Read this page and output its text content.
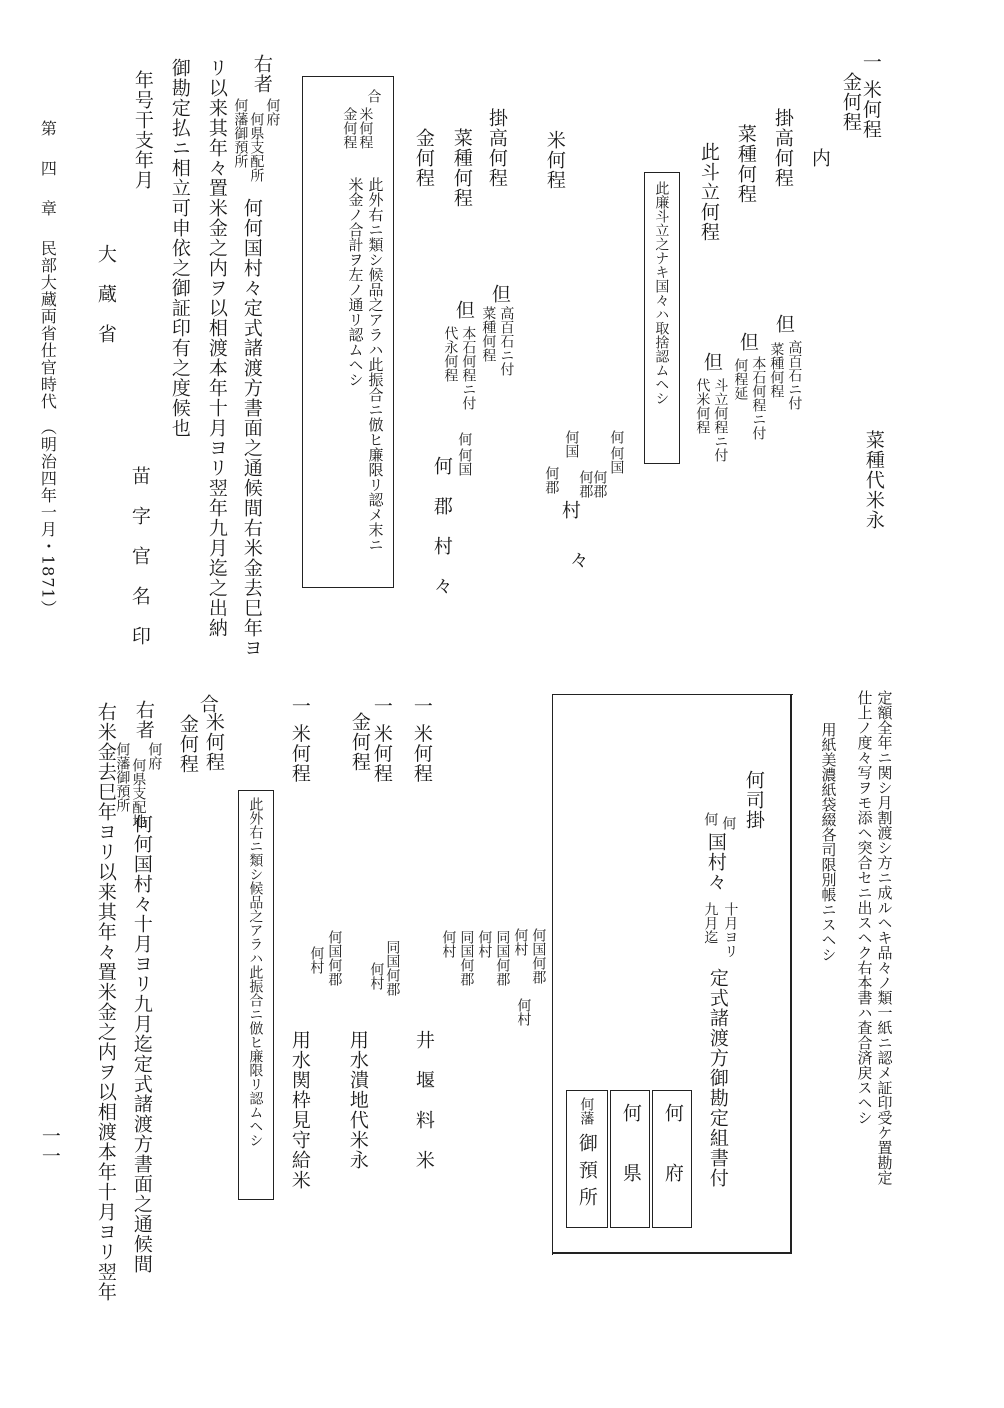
一 米何程
金何程
内
掛高何程
菜種何程
此斗立何程
但
高百石ニ付
菜種何程
但
本石何程ニ付
何程延
但
斗立何程ニ付
代米何程
菜種代米永
此廉斗立之ナキ国々ハ取捨認ムヘシ
何
何国
何郡
何国
何郡
何郡
村
々
米何程
掛高何程
菜種何程
金何程
但
高百石ニ付
菜種何程
但
本石何程ニ付
代永何程
何
何国
何　郡　村　々
合
米何程
金何程
此外右ニ類シ候品之アラハ此振合ニ倣ヒ廉限リ認メ末ニ
米金ノ合計ヲ左ノ通リ認ムヘシ
右者
何府
何県支配所
何藩御預所
何何国村々定式諸渡方書面之通候間右米金去巳年ヨ
リ以来其年々置米金之内ヲ以相渡本年十月ヨリ翌年九月迄之出納
御勘定払ニ相立可申依之御証印有之度候也
年号干支年月
苗　字　官　名　印
大　蔵　省
第　四　章
民部大蔵両省仕官時代　（明治四年一月・1871）
定額全年ニ関シ月割渡シ方ニ成ルヘキ品々ノ類一紙ニ認メ証印受ケ置勘定
仕上ノ度々写ヲモ添ヘ突合セニ出スヘク右本書ハ査合済戻スヘシ
用紙美濃紙袋綴各司限別帳ニスヘシ
何司掛
何
何
国村々
十月ヨリ
九月迄
定式諸渡方御勘定組書付
何　　府
何　　県
何藩
御預所
一 米何程
何国何郡
何村
何村
同国何郡
何村
同国何郡
何村
井　堰　料　米
一 米何程
金何程
同国何郡
何村
用水潰地代米永
一 米何程
何国何郡
何村
用水関枠見守給米
此外右ニ類シ候品之アラハ此振合ニ倣ヒ廉限リ認ムヘシ
合
米何程
金何程
右者
何府
何県支配地
何藩御預所
何何国村々十月ヨリ九月迄定式諸渡方書面之通候間
右米金去巳年ヨリ以来其年々置米金之内ヲ以相渡本年十月ヨリ翌年
一一
